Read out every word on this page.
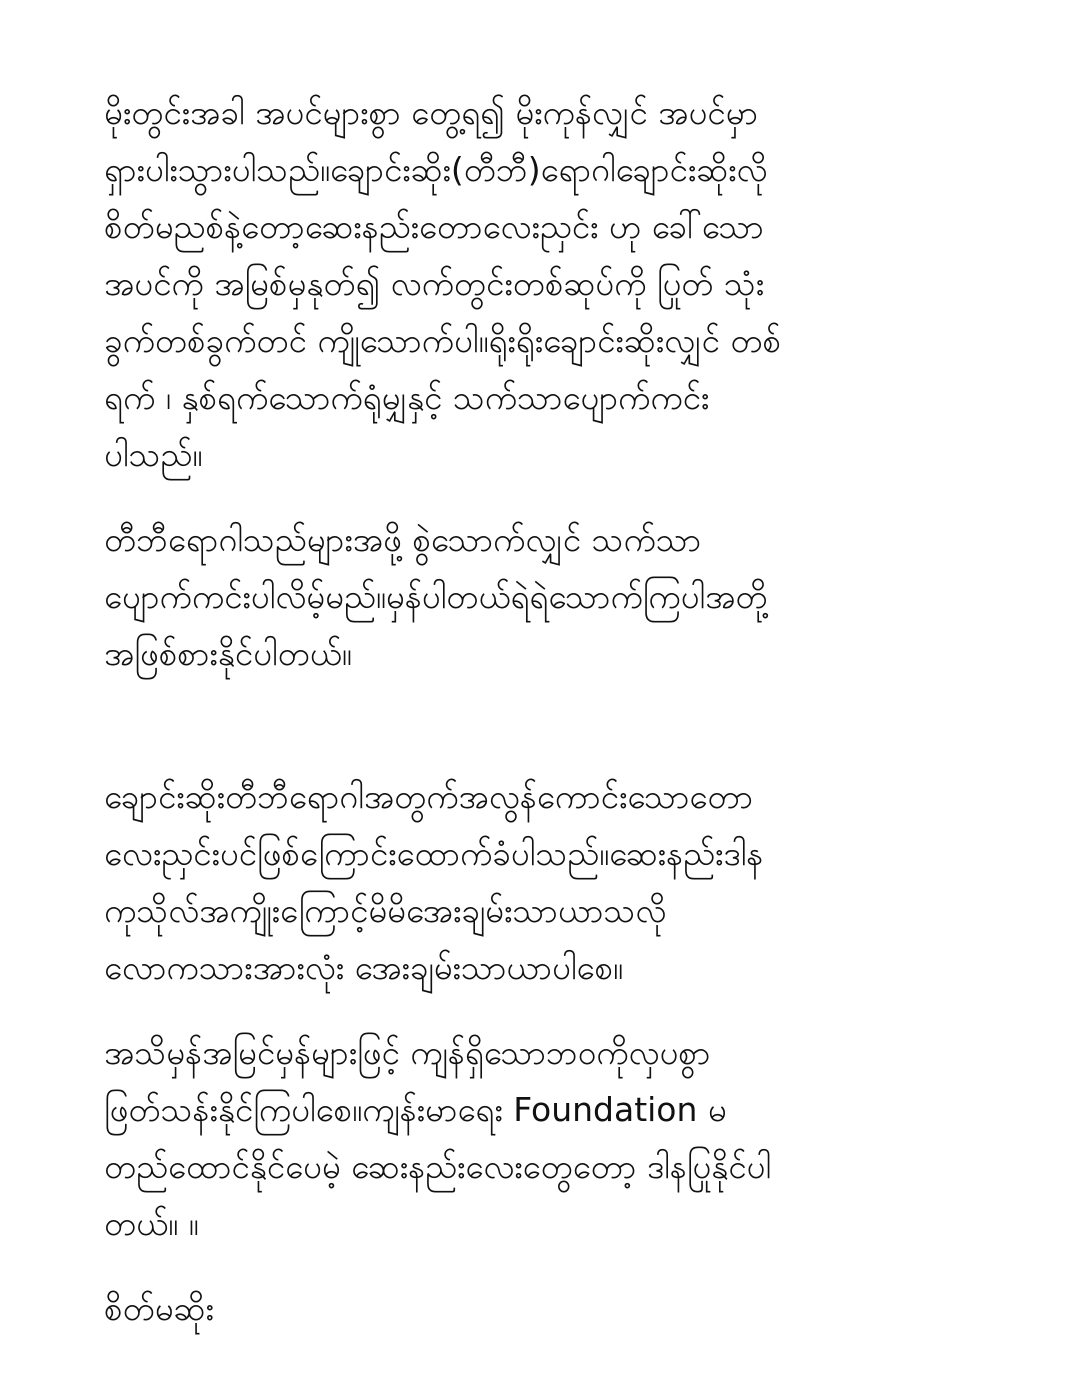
မိုးတွင်းအခါ အပင်များစွာ တွေ့ရ၍ မိုးကုန်လျှင် အပင်မှာ
ရှားပါးသွားပါသည်။ချောင်းဆိုး(တီဘီ)ရောဂါချောင်းဆိုးလို
စိတ်မညစ်နဲ့တော့ဆေးနည်းတောလေးညှင်း ဟု ခေါ်သော
အပင်ကို အမြစ်မှနုတ်၍ လက်တွင်းတစ်ဆုပ်ကို ပြုတ် သုံး
ခွက်တစ်ခွက်တင် ကျိုသောက်ပါ။ရိုးရိုးချောင်းဆိုးလျှင် တစ်
ရက် ၊ နှစ်ရက်သောက်ရုံမျှနှင့် သက်သာပျောက်ကင်း
ပါသည်။

တီဘီရောဂါသည်များအဖို့ စွဲသောက်လျှင် သက်သာ
ပျောက်ကင်းပါလိမ့်မည်။မှန်ပါတယ်ရဲရဲသောက်ကြပါအတို့
အဖြစ်စားနိုင်ပါတယ်။

ချောင်းဆိုးတီဘီရောဂါအတွက်အလွန်ကောင်းသောတော
လေးညှင်းပင်ဖြစ်ကြောင်းထောက်ခံပါသည်။ဆေးနည်းဒါန
ကုသိုလ်အကျိုးကြောင့်မိမိအေးချမ်းသာယာသလို
လောကသားအားလုံး အေးချမ်းသာယာပါစေ။

အသိမှန်အမြင်မှန်များဖြင့် ကျန်ရှိသောဘဝကိုလှပစွာ
ဖြတ်သန်းနိုင်ကြပါစေ။ကျန်းမာရေး Foundation မ
တည်ထောင်နိုင်ပေမဲ့ ဆေးနည်းလေးတွေတော့ ဒါနပြုနိုင်ပါ
တယ်။ ။

စိတ်မဆိုး
